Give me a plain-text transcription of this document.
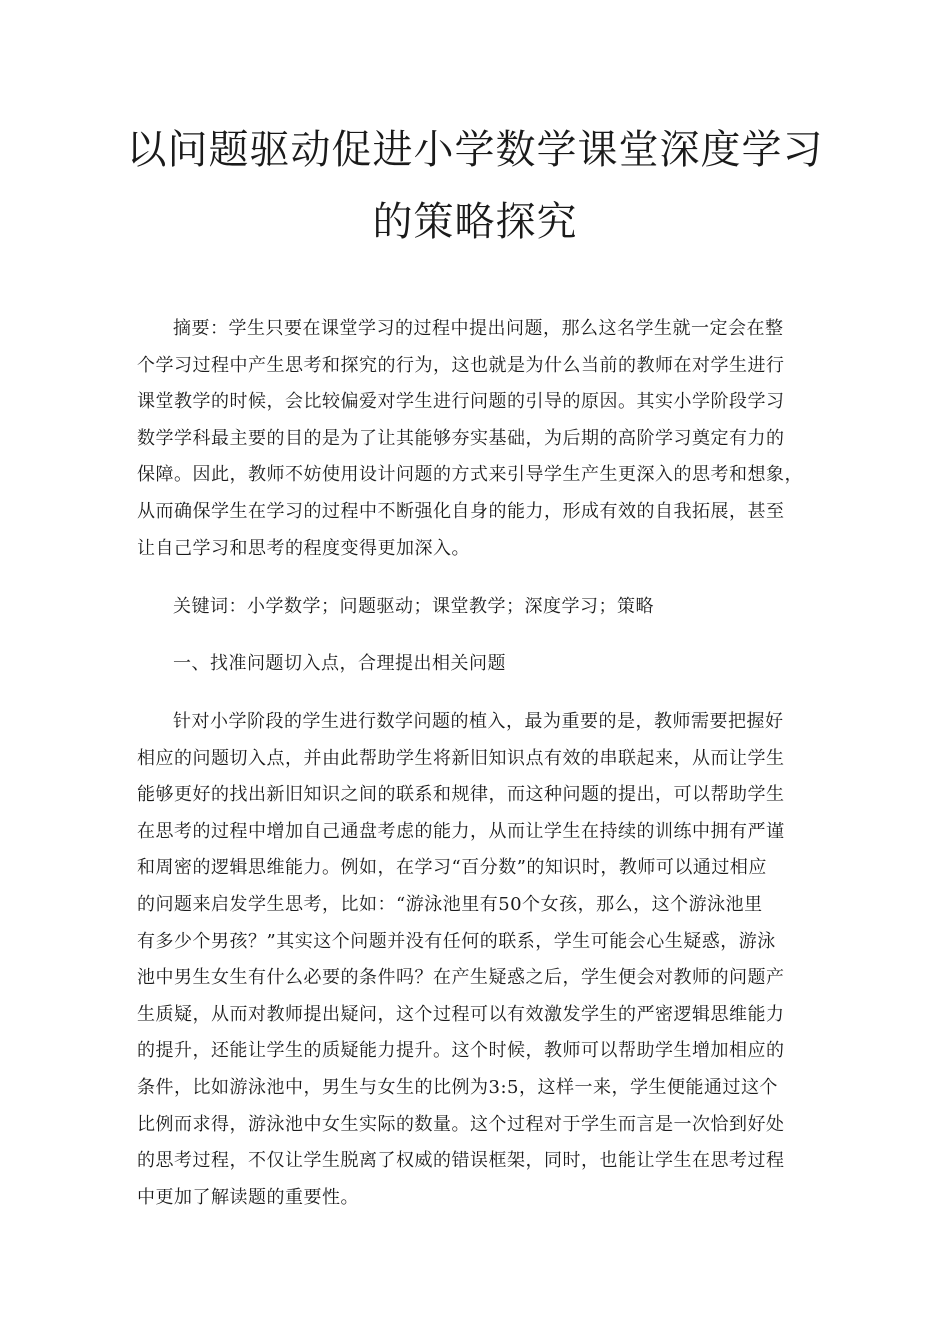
以问题驱动促进小学数学课堂深度学习
的策略探究
摘要：学生只要在课堂学习的过程中提出问题，那么这名学生就一定会在整
个学习过程中产生思考和探究的行为，这也就是为什么当前的教师在对学生进行
课堂教学的时候，会比较偏爱对学生进行问题的引导的原因。其实小学阶段学习
数学学科最主要的目的是为了让其能够夯实基础，为后期的高阶学习奠定有力的
保障。因此，教师不妨使用设计问题的方式来引导学生产生更深入的思考和想象，
从而确保学生在学习的过程中不断强化自身的能力，形成有效的自我拓展，甚至
让自己学习和思考的程度变得更加深入。
关键词：小学数学；问题驱动；课堂教学；深度学习；策略
一、找准问题切入点，合理提出相关问题
针对小学阶段的学生进行数学问题的植入，最为重要的是，教师需要把握好
相应的问题切入点，并由此帮助学生将新旧知识点有效的串联起来，从而让学生
能够更好的找出新旧知识之间的联系和规律，而这种问题的提出，可以帮助学生
在思考的过程中增加自己通盘考虑的能力，从而让学生在持续的训练中拥有严谨
和周密的逻辑思维能力。例如，在学习“百分数”的知识时，教师可以通过相应
的问题来启发学生思考，比如：“游泳池里有50个女孩，那么，这个游泳池里
有多少个男孩？”其实这个问题并没有任何的联系，学生可能会心生疑惑，游泳
池中男生女生有什么必要的条件吗？在产生疑惑之后，学生便会对教师的问题产
生质疑，从而对教师提出疑问，这个过程可以有效激发学生的严密逻辑思维能力
的提升，还能让学生的质疑能力提升。这个时候，教师可以帮助学生增加相应的
条件，比如游泳池中，男生与女生的比例为3:5，这样一来，学生便能通过这个
比例而求得，游泳池中女生实际的数量。这个过程对于学生而言是一次恰到好处
的思考过程，不仅让学生脱离了权威的错误框架，同时，也能让学生在思考过程
中更加了解读题的重要性。
